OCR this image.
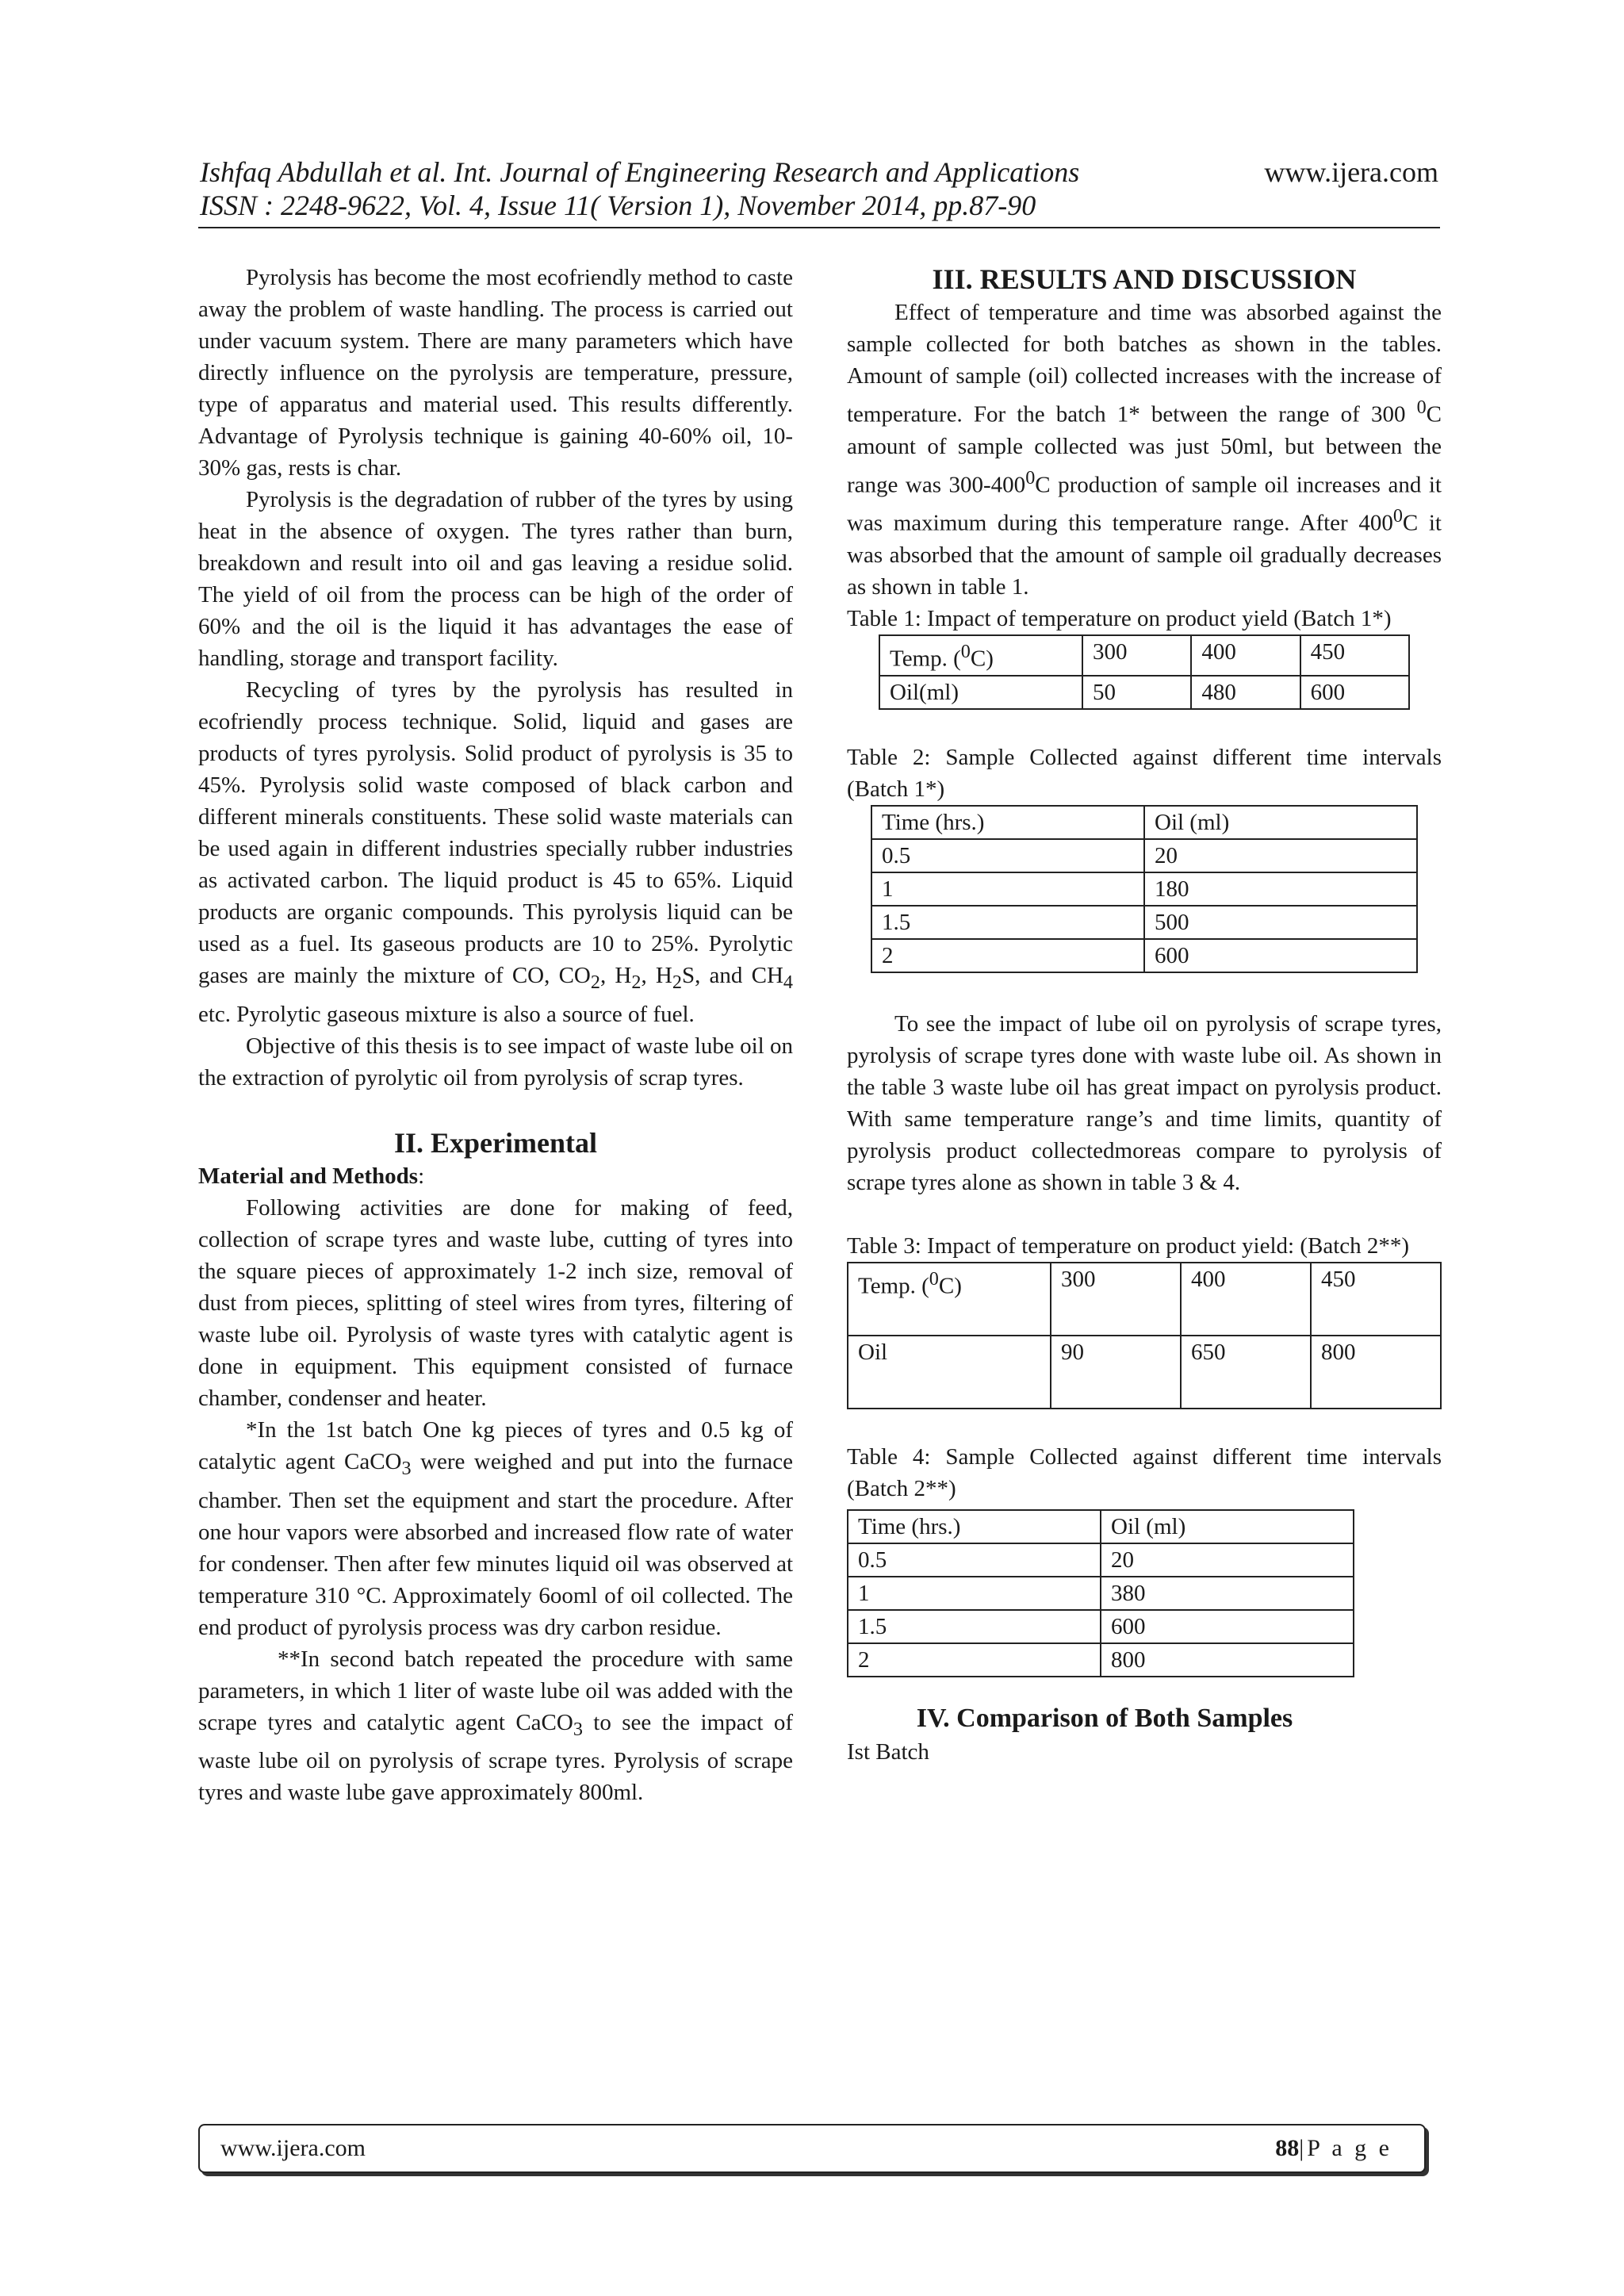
Ishfaq Abdullah et al. Int. Journal of Engineering Research and Applications
ISSN : 2248-9622, Vol. 4, Issue 11( Version 1), November 2014, pp.87-90
www.ijera.com

Pyrolysis has become the most ecofriendly method to caste away the problem of waste handling. The process is carried out under vacuum system. There are many parameters which have directly influence on the pyrolysis are temperature, pressure, type of apparatus and material used. This results differently. Advantage of Pyrolysis technique is gaining 40-60% oil, 10-30% gas, rests is char.

Pyrolysis is the degradation of rubber of the tyres by using heat in the absence of oxygen. The tyres rather than burn, breakdown and result into oil and gas leaving a residue solid. The yield of oil from the process can be high of the order of 60% and the oil is the liquid it has advantages the ease of handling, storage and transport facility.

Recycling of tyres by the pyrolysis has resulted in ecofriendly process technique. Solid, liquid and gases are products of tyres pyrolysis. Solid product of pyrolysis is 35 to 45%. Pyrolysis solid waste composed of black carbon and different minerals constituents. These solid waste materials can be used again in different industries specially rubber industries as activated carbon. The liquid product is 45 to 65%. Liquid products are organic compounds. This pyrolysis liquid can be used as a fuel. Its gaseous products are 10 to 25%. Pyrolytic gases are mainly the mixture of CO, $CO_2$, $H_2$, $H_2S$, and $CH_4$ etc. Pyrolytic gaseous mixture is also a source of fuel.

Objective of this thesis is to see impact of waste lube oil on the extraction of pyrolytic oil from pyrolysis of scrap tyres.

II. Experimental
Material and Methods:

Following activities are done for making of feed, collection of scrape tyres and waste lube, cutting of tyres into the square pieces of approximately 1-2 inch size, removal of dust from pieces, splitting of steel wires from tyres, filtering of waste lube oil. Pyrolysis of waste tyres with catalytic agent is done in equipment. This equipment consisted of furnace chamber, condenser and heater.

*In the 1st batch One kg pieces of tyres and 0.5 kg of catalytic agent CaCO$_3$ were weighed and put into the furnace chamber. Then set the equipment and start the procedure. After one hour vapors were absorbed and increased flow rate of water for condenser. Then after few minutes liquid oil was observed at temperature 310 °C. Approximately 6ooml of oil collected. The end product of pyrolysis process was dry carbon residue.

**In second batch repeated the procedure with same parameters, in which 1 liter of waste lube oil was added with the scrape tyres and catalytic agent CaCO$_3$ to see the impact of waste lube oil on pyrolysis of scrape tyres. Pyrolysis of scrape tyres and waste lube gave approximately 800ml.

III. RESULTS AND DISCUSSION

Effect of temperature and time was absorbed against the sample collected for both batches as shown in the tables. Amount of sample (oil) collected increases with the increase of temperature. For the batch 1* between the range of 300 $^0$C amount of sample collected was just 50ml, but between the range was $300-400^0C$ production of sample oil increases and it was maximum during this temperature range. After $400^0C$ it was absorbed that the amount of sample oil gradually decreases as shown in table 1.

Table 1: Impact of temperature on product yield (Batch 1*)
Temp. ($^0$C)	300	400	450
Oil(ml)	50	480	600
Table 2: Sample Collected against different time intervals (Batch 1*)
Time (hrs.)	Oil (ml)
0.5	20
1	180
1.5	500
2	600

To see the impact of lube oil on pyrolysis of scrape tyres, pyrolysis of scrape tyres done with waste lube oil. As shown in the table 3 waste lube oil has great impact on pyrolysis product. With same temperature range’s and time limits, quantity of pyrolysis product collectedmoreas compare to pyrolysis of scrape tyres alone as shown in table 3 & 4.

Table 3: Impact of temperature on product yield: (Batch 2**)
Temp. ($^0$C)	300	400	450
Oil	90	650	800
Table 4: Sample Collected against different time intervals (Batch 2**)
Time (hrs.)	Oil (ml)
0.5	20
1	380
1.5	600
2	800
IV. Comparison of Both Samples
Ist Batch
www.ijera.com	88|P a g e
